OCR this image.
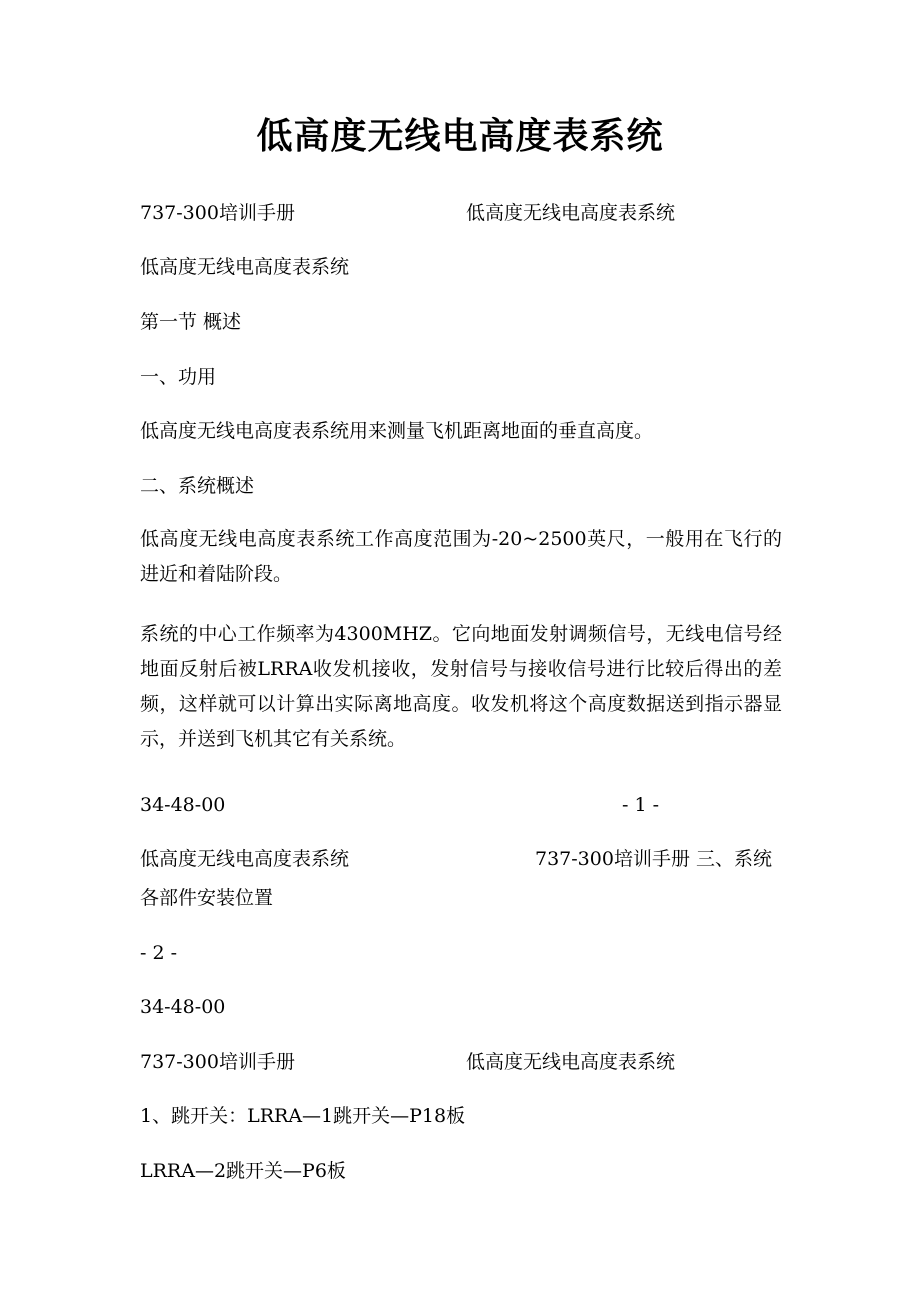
低高度无线电高度表系统
737-300培训手册	低高度无线电高度表系统
低高度无线电高度表系统
第一节 概述
一、功用
低高度无线电高度表系统用来测量飞机距离地面的垂直高度。
二、系统概述
低高度无线电高度表系统工作高度范围为-20~2500英尺，一般用在飞行的进近和着陆阶段。
系统的中心工作频率为4300MHZ。它向地面发射调频信号，无线电信号经地面反射后被LRRA收发机接收，发射信号与接收信号进行比较后得出的差频，这样就可以计算出实际离地高度。收发机将这个高度数据送到指示器显示，并送到飞机其它有关系统。
34-48-00	- 1 -
低高度无线电高度表系统	737-300培训手册 三、系统
各部件安装位置
- 2 -
34-48-00
737-300培训手册	低高度无线电高度表系统
1、跳开关：LRRA—1跳开关—P18板
LRRA—2跳开关—P6板
